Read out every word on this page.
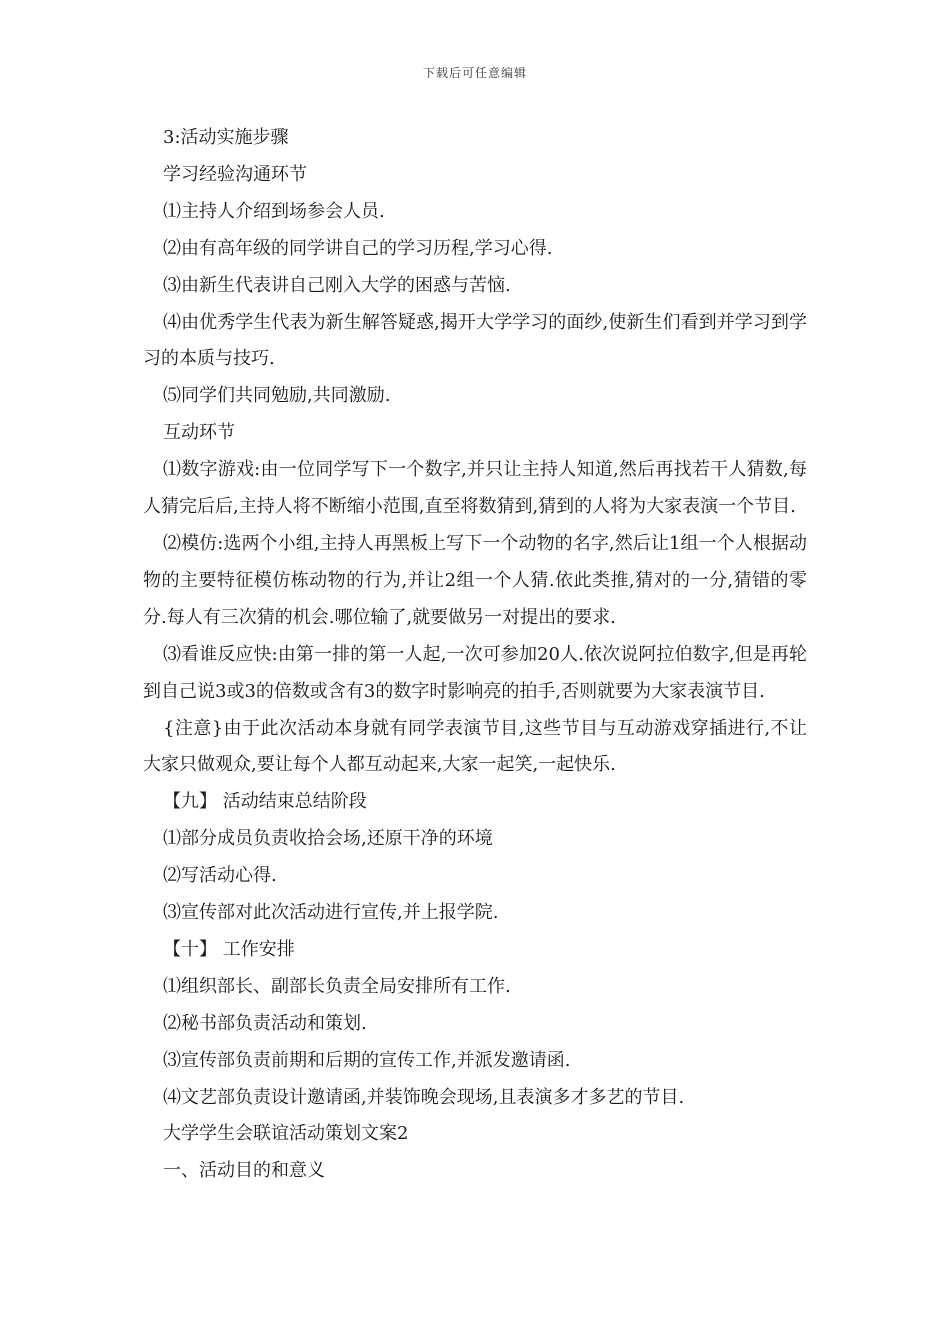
下载后可任意编辑

3:活动实施步骤

学习经验沟通环节

⑴主持人介绍到场参会人员.

⑵由有高年级的同学讲自己的学习历程,学习心得.

⑶由新生代表讲自己刚入大学的困惑与苦恼.

⑷由优秀学生代表为新生解答疑惑,揭开大学学习的面纱,使新生们看到并学习到学习的本质与技巧.

⑸同学们共同勉励,共同激励.

互动环节

⑴数字游戏:由一位同学写下一个数字,并只让主持人知道,然后再找若干人猜数,每人猜完后后,主持人将不断缩小范围,直至将数猜到,猜到的人将为大家表演一个节目.

⑵模仿:选两个小组,主持人再黑板上写下一个动物的名字,然后让1组一个人根据动物的主要特征模仿栋动物的行为,并让2组一个人猜.依此类推,猜对的一分,猜错的零分.每人有三次猜的机会.哪位输了,就要做另一对提出的要求.

⑶看谁反应快:由第一排的第一人起,一次可参加20人.依次说阿拉伯数字,但是再轮到自己说3或3的倍数或含有3的数字时影响亮的拍手,否则就要为大家表演节目.

{注意}由于此次活动本身就有同学表演节目,这些节目与互动游戏穿插进行,不让大家只做观众,要让每个人都互动起来,大家一起笑,一起快乐.

【九】 活动结束总结阶段

⑴部分成员负责收拾会场,还原干净的环境

⑵写活动心得.

⑶宣传部对此次活动进行宣传,并上报学院.

【十】 工作安排

⑴组织部长、副部长负责全局安排所有工作.

⑵秘书部负责活动和策划.

⑶宣传部负责前期和后期的宣传工作,并派发邀请函.

⑷文艺部负责设计邀请函,并装饰晚会现场,且表演多才多艺的节目.

大学学生会联谊活动策划文案2

一、活动目的和意义
